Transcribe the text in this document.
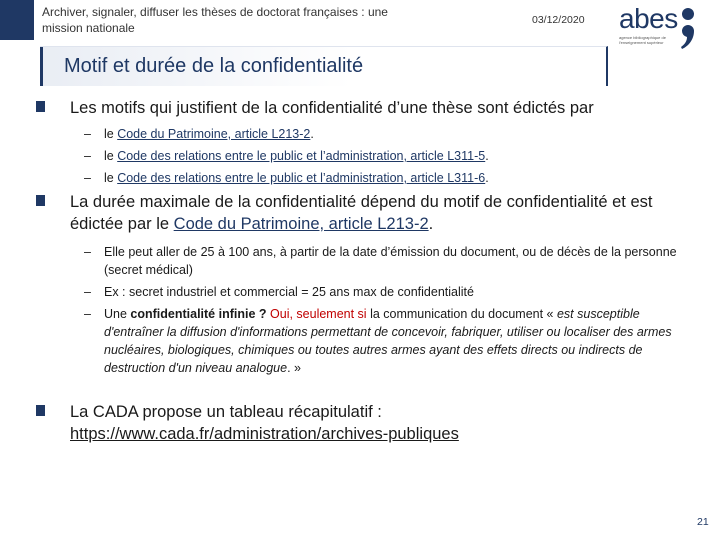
Archiver, signaler, diffuser les thèses de doctorat françaises : une mission nationale
03/12/2020 abes
agence bibliographique de l'enseignement supérieur
Motif et durée de la confidentialité
Les motifs qui justifient de la confidentialité d’une thèse sont édictés par
– le Code du Patrimoine, article L213-2.
– le Code des relations entre le public et l’administration, article L311-5.
– le Code des relations entre le public et l’administration, article L311-6.
La durée maximale de la confidentialité dépend du motif de confidentialité et est édictée par le Code du Patrimoine, article L213-2.
– Elle peut aller de 25 à 100 ans, à partir de la date d’émission du document, ou de décès de la personne (secret médical)
– Ex : secret industriel et commercial = 25 ans max de confidentialité
– Une confidentialité infinie ? Oui, seulement si la communication du document « est susceptible d'entraîner la diffusion d'informations permettant de concevoir, fabriquer, utiliser ou localiser des armes nucléaires, biologiques, chimiques ou toutes autres armes ayant des effets directs ou indirects de destruction d'un niveau analogue. »
La CADA propose un tableau récapitulatif :
https://www.cada.fr/administration/archives-publiques
21
